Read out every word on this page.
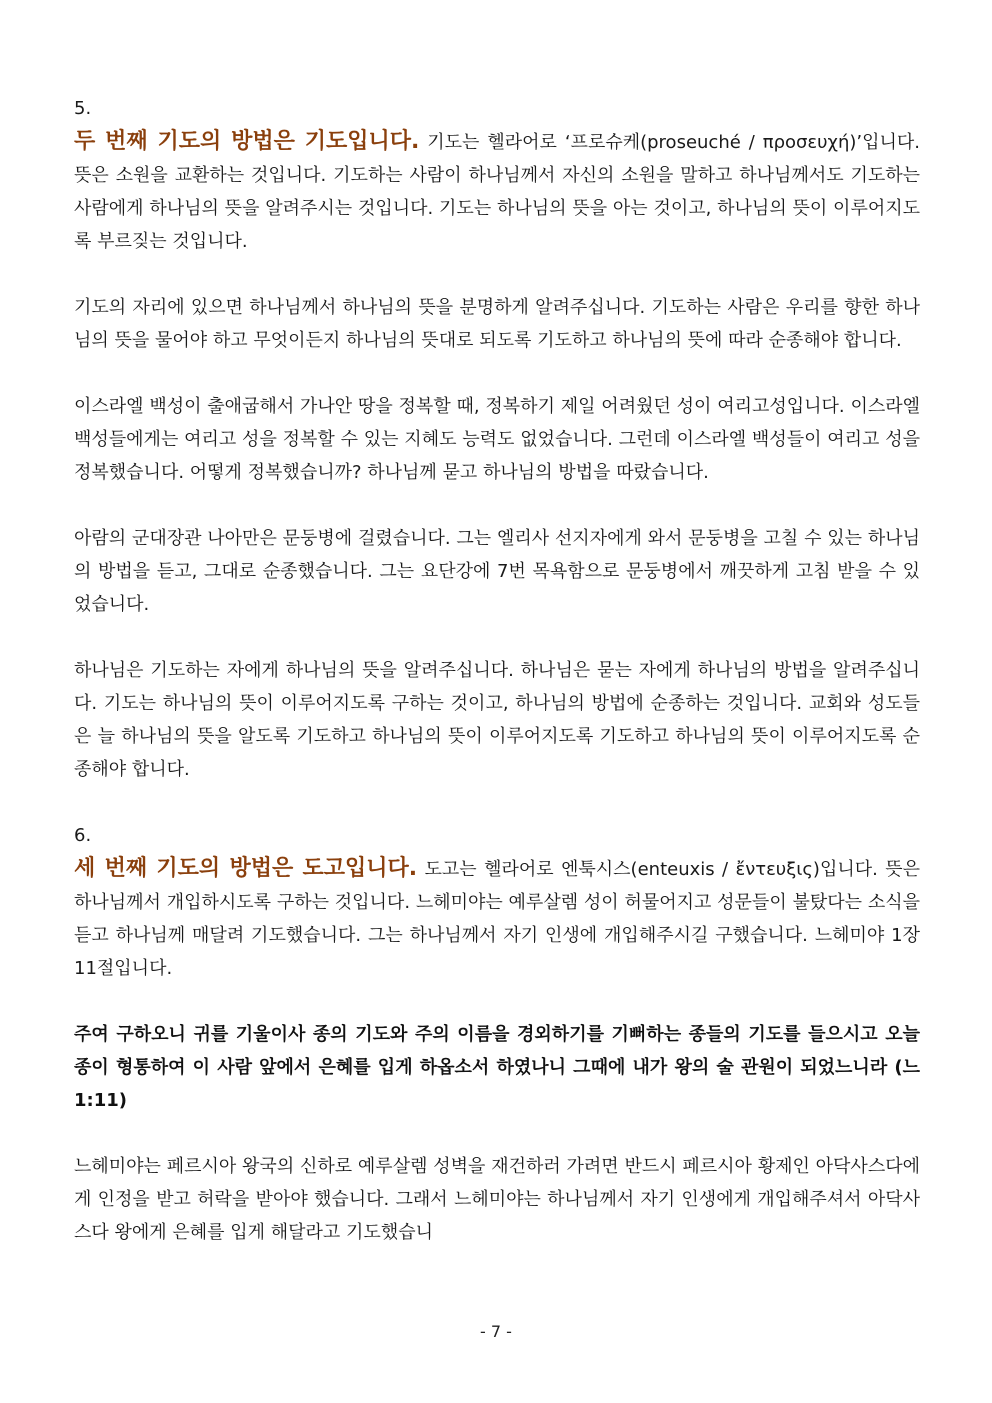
5.

두 번째 기도의 방법은 기도입니다. 기도는 헬라어로 ‘프로슈케(proseuché / προσευχή)’입니다. 뜻은 소원을 교환하는 것입니다. 기도하는 사람이 하나님께서 자신의 소원을 말하고 하나님께서도 기도하는 사람에게 하나님의 뜻을 알려주시는 것입니다. 기도는 하나님의 뜻을 아는 것이고, 하나님의 뜻이 이루어지도록 부르짖는 것입니다.

기도의 자리에 있으면 하나님께서 하나님의 뜻을 분명하게 알려주십니다. 기도하는 사람은 우리를 향한 하나님의 뜻을 물어야 하고 무엇이든지 하나님의 뜻대로 되도록 기도하고 하나님의 뜻에 따라 순종해야 합니다.

이스라엘 백성이 출애굽해서 가나안 땅을 정복할 때, 정복하기 제일 어려웠던 성이 여리고성입니다. 이스라엘 백성들에게는 여리고 성을 정복할 수 있는 지혜도 능력도 없었습니다. 그런데 이스라엘 백성들이 여리고 성을 정복했습니다. 어떻게 정복했습니까? 하나님께 묻고 하나님의 방법을 따랐습니다.

아람의 군대장관 나아만은 문둥병에 걸렸습니다. 그는 엘리사 선지자에게 와서 문둥병을 고칠 수 있는 하나님의 방법을 듣고, 그대로 순종했습니다. 그는 요단강에 7번 목욕함으로 문둥병에서 깨끗하게 고침 받을 수 있었습니다.

하나님은 기도하는 자에게 하나님의 뜻을 알려주십니다. 하나님은 묻는 자에게 하나님의 방법을 알려주십니다. 기도는 하나님의 뜻이 이루어지도록 구하는 것이고, 하나님의 방법에 순종하는 것입니다. 교회와 성도들은 늘 하나님의 뜻을 알도록 기도하고 하나님의 뜻이 이루어지도록 기도하고 하나님의 뜻이 이루어지도록 순종해야 합니다.

6.

세 번째 기도의 방법은 도고입니다. 도고는 헬라어로 엔툭시스(enteuxis / ἔντευξις)입니다. 뜻은 하나님께서 개입하시도록 구하는 것입니다. 느헤미야는 예루살렘 성이 허물어지고 성문들이 불탔다는 소식을 듣고 하나님께 매달려 기도했습니다. 그는 하나님께서 자기 인생에 개입해주시길 구했습니다. 느헤미야 1장 11절입니다.

주여 구하오니 귀를 기울이사 종의 기도와 주의 이름을 경외하기를 기뻐하는 종들의 기도를 들으시고 오늘 종이 형통하여 이 사람 앞에서 은혜를 입게 하옵소서 하였나니 그때에 내가 왕의 술 관원이 되었느니라 (느 1:11)

느헤미야는 페르시아 왕국의 신하로 예루살렘 성벽을 재건하러 가려면 반드시 페르시아 황제인 아닥사스다에게 인정을 받고 허락을 받아야 했습니다. 그래서 느헤미야는 하나님께서 자기 인생에게 개입해주셔서 아닥사스다 왕에게 은혜를 입게 해달라고 기도했습니

- 7 -
